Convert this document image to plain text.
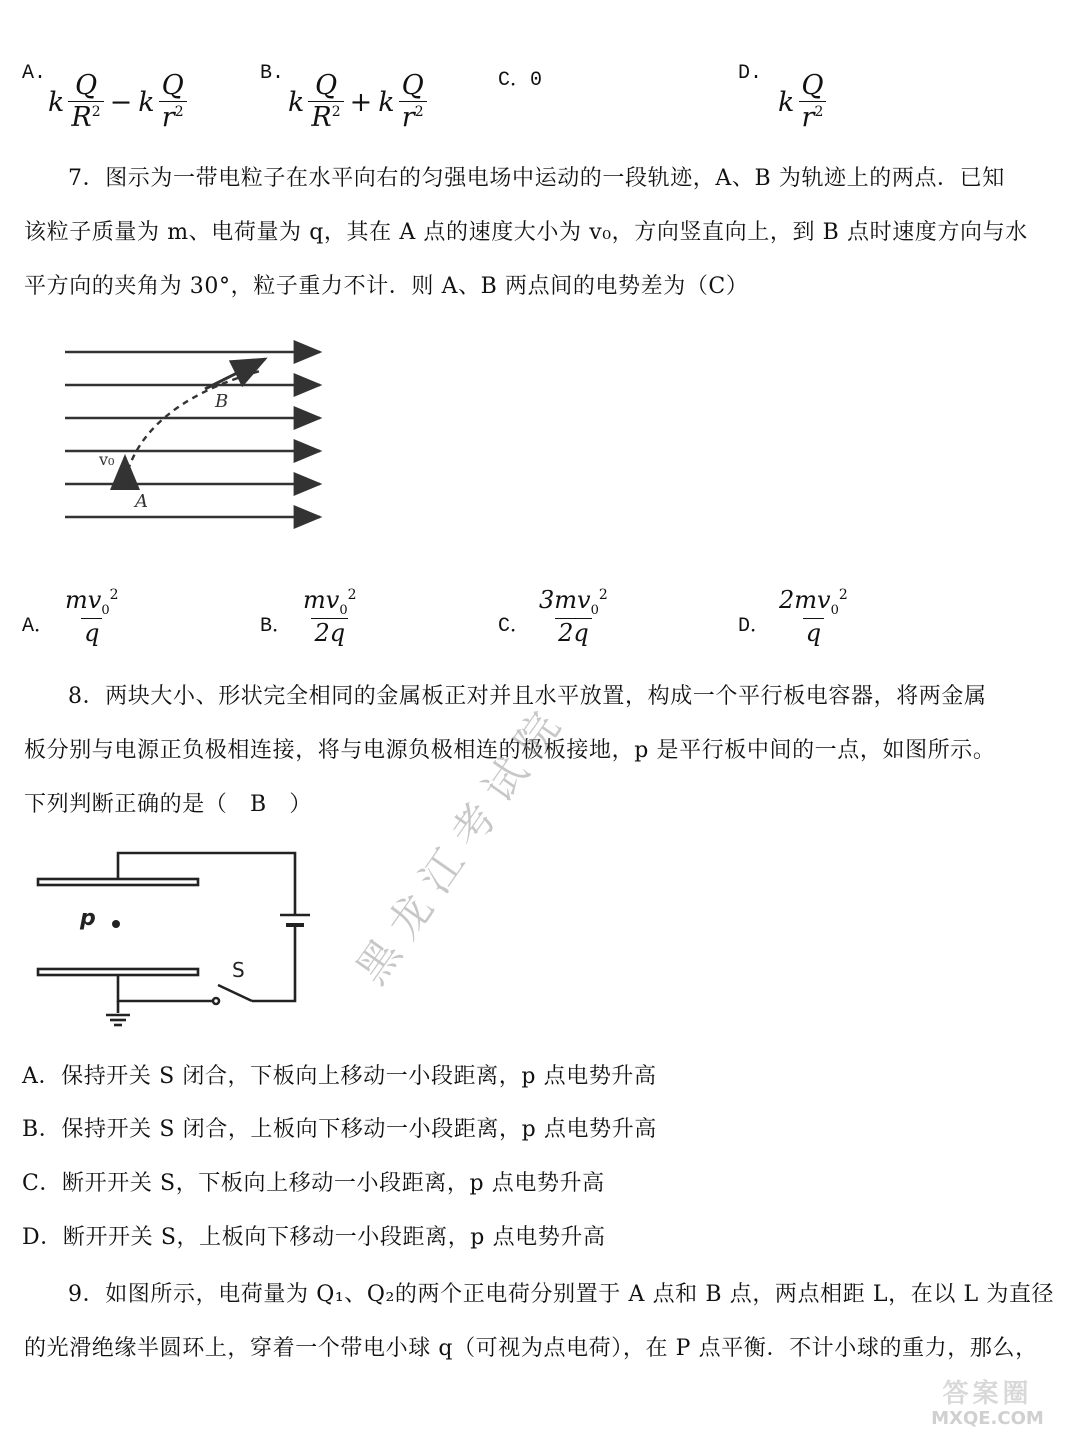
A.
k $\frac{Q}{R^2} - k \frac{Q}{r^2}$	B.
k $\frac{Q}{R^2} + k \frac{Q}{r^2}$	C．0	D.
k $\frac{Q}{r^2}$
7．图示为一带电粒子在水平向右的匀强电场中运动的一段轨迹，A、B 为轨迹上的两点．已知
该粒子质量为 m、电荷量为 q，其在 A 点的速度大小为 v₀，方向竖直向上，到 B 点时速度方向与水
平方向的夹角为 30°，粒子重力不计．则 A、B 两点间的电势差为（C）
B
A
v₀
A． $\frac{mv_0^2}{q}$	B． $\frac{mv_0^2}{2q}$	C． $\frac{3mv_0^2}{2q}$	D． $\frac{2mv_0^2}{q}$
8．两块大小、形状完全相同的金属板正对并且水平放置，构成一个平行板电容器，将两金属
板分别与电源正负极相连接，将与电源负极相连的极板接地，p 是平行板中间的一点，如图所示。
下列判断正确的是（　B　）
p
S
A．保持开关 S 闭合，下板向上移动一小段距离，p 点电势升高
B．保持开关 S 闭合，上板向下移动一小段距离，p 点电势升高
C．断开开关 S，下板向上移动一小段距离，p 点电势升高
D．断开开关 S，上板向下移动一小段距离，p 点电势升高
9．如图所示，电荷量为 Q₁、Q₂的两个正电荷分别置于 A 点和 B 点，两点相距 L，在以 L 为直径
的光滑绝缘半圆环上，穿着一个带电小球 q（可视为点电荷），在 P 点平衡．不计小球的重力，那么，
黑 龙 江 考 试 院
答案圈
MXQE.COM
